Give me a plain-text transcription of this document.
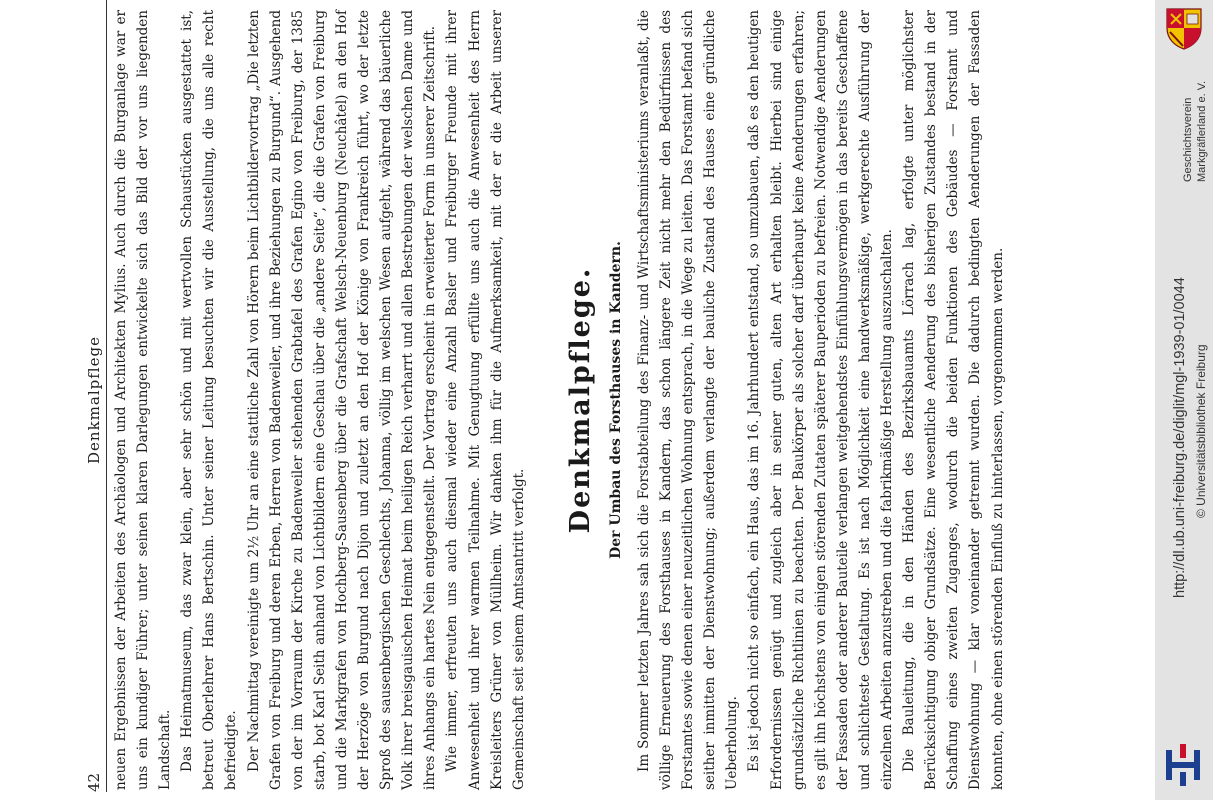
42
Denkmalpflege neuen Ergebnissen der Arbeiten des Archäologen und Architekten Mylius. Auch durch die Burganlage war er uns ein kundiger Führer; unter seinen klaren Darlegungen entwickelte sich das Bild der vor uns liegenden Landschaft. Das Heimatmuseum, das zwar klein, aber sehr schön und mit wertvollen Schaustücken ausgestattet ist, betreut Oberlehrer Hans Bertschin. Unter seiner Leitung besuchten wir die Ausstellung, die uns alle recht befriedigte. Der Nachmittag vereinigte um 2½ Uhr an eine stattliche Zahl von Hörern beim Lichtbildervortrag „Die letzten Grafen von Freiburg und deren Erben, Herren von Badenweiler, und ihre Beziehungen zu Burgund“. Ausgehend von der im Vorraum der Kirche zu Badenweiler stehenden Grabtafel des Grafen Egino von Freiburg, der 1385 starb, bot Karl Seith anhand von Lichtbildern eine Geschau über die „andere Seite“, die die Grafen von Freiburg und die Markgrafen von Hochberg-Sausenberg über die Grafschaft Welsch-Neuenburg (Neuchâtel) an den Hof der Herzöge von Burgund nach Dijon und zuletzt an den Hof der Könige von Frankreich führt, wo der letzte Sproß des sausenbergischen Geschlechts, Johanna, völlig im welschen Wesen aufgeht, während das bäuerliche Volk ihrer breisgauischen Heimat beim heiligen Reich verharrt und allen Bestrebungen der welschen Dame und ihres Anhangs ein hartes Nein entgegenstellt. Der Vortrag erscheint in erweiterter Form in unserer Zeitschrift. Wie immer, erfreuten uns auch diesmal wieder eine Anzahl Basler und Freiburger Freunde mit ihrer Anwesenheit und ihrer warmen Teilnahme. Mit Genugtuung erfüllte uns auch die Anwesenheit des Herrn Kreisleiters Grüner von Müllheim. Wir danken ihm für die Aufmerksamkeit, mit der er die Arbeit unserer Gemeinschaft seit seinem Amtsantritt verfolgt.

Denkmalpflege. Der Umbau des Forsthauses in Kandern. Im Sommer letzten Jahres sah sich die Forstabteilung des Finanz- und Wirtschaftsministeriums veranlaßt, die völlige Erneuerung des Forsthauses in Kandern, das schon längere Zeit nicht mehr den Bedürfnissen des Forstamtes sowie denen einer neuzeitlichen Wohnung entsprach, in die Wege zu leiten. Das Forstamt befand sich seither inmitten der Dienstwohnung; außerdem verlangte der bauliche Zustand des Hauses eine gründliche Ueberholung. Es ist jedoch nicht so einfach, ein Haus, das im 16. Jahrhundert entstand, so umzubauen, daß es den heutigen Erfordernissen genügt und zugleich aber in seiner guten, alten Art erhalten bleibt. Hierbei sind einige grundsätzliche Richtlinien zu beachten. Der Baukörper als solcher darf überhaupt keine Aenderungen erfahren; es gilt ihn höchstens von einigen störenden Zutaten späterer Bauperioden zu befreien. Notwendige Aenderungen der Fassaden oder anderer Bauteile verlangen weitgehendstes Einfühlungsvermögen in das bereits Geschaffene und schlichteste Gestaltung. Es ist nach Möglichkeit eine handwerksmäßige, werkgerechte Ausführung der einzelnen Arbeiten anzustreben und die fabrikmäßige Herstellung auszuschalten. Die Bauleitung, die in den Händen des Bezirksbauamts Lörrach lag, erfolgte unter möglichster Berücksichtigung obiger Grundsätze. Eine wesentliche Aenderung des bisherigen Zustandes bestand in der Schaffung eines zweiten Zuganges, wodurch die beiden Funktionen des Gebäudes — Forstamt und Dienstwohnung — klar voneinander getrennt wurden. Die dadurch bedingten Aenderungen der Fassaden konnten, ohne einen störenden Einfluß zu hinterlassen, vorgenommen werden.

Geschichtsverein Markgräflerland e. V.
http://dl.ub.uni-freiburg.de/diglit/mgl-1939-01/0044 © Universitätsbibliothek Freiburg
